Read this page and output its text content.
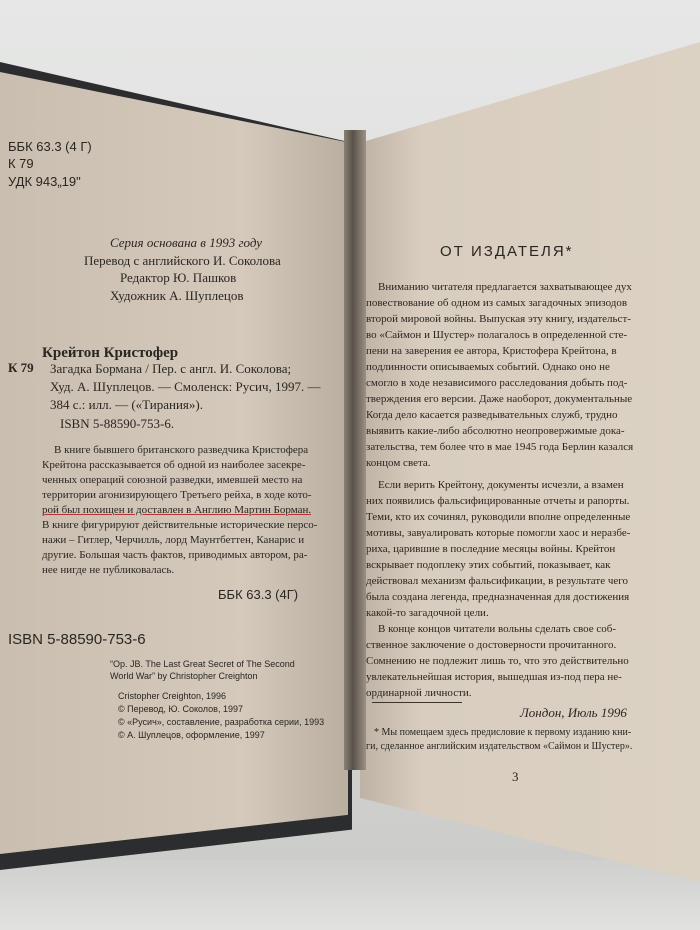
ББК 63.3 (4 Г)
К 79
УДК 943„19"
Серия основана в 1993 году
Перевод с английского И. Соколова
Редактор Ю. Пашков
Художник А. Шуплецов
Крейтон Кристофер
К 79 Загадка Бормана / Пер. с англ. И. Соколова;
Худ. А. Шуплецов. — Смоленск: Русич, 1997. —
384 с.: илл. — («Тирания»).
ISBN 5-88590-753-6.
В книге бывшего британского разведчика Кристофера
Крейтона рассказывается об одной из наиболее засекре-
ченных операций союзной разведки, имевшей место на
территории агонизирующего Третьего рейха, в ходе кото-
рой был похищен и доставлен в Англию Мартин Борман.
В книге фигурируют действительные исторические персо-
нажи – Гитлер, Черчилль, лорд Маунтбеттен, Канарис и
другие. Большая часть фактов, приводимых автором, ра-
нее нигде не публиковалась.
ББК 63.3 (4Г)
ISBN 5-88590-753-6
“Op. JB. The Last Great Secret of The Second
World War” by Christopher Creighton
Cristopher Creighton, 1996
© Перевод, Ю. Соколов, 1997
© «Русич», составление, разработка серии, 1993
© А. Шуплецов, оформление, 1997
ОТ ИЗДАТЕЛЯ*
Вниманию читателя предлагается захватывающее дух
повествование об одном из самых загадочных эпизодов
второй мировой войны. Выпуская эту книгу, издательст-
во «Саймон и Шустер» полагалось в определенной сте-
пени на заверения ее автора, Кристофера Крейтона, в
подлинности описываемых событий. Однако оно не
смогло в ходе независимого расследования добыть под-
тверждения его версии. Даже наоборот, документальные
Когда дело касается разведывательных служб, трудно
выявить какие-либо абсолютно неопровержимые дока-
зательства, тем более что в мае 1945 года Берлин казался
концом света.
Если верить Крейтону, документы исчезли, а взамен
них появились фальсифицированные отчеты и рапорты.
Теми, кто их сочинял, руководили вполне определенные
мотивы, завуалировать которые помогли хаос и неразбе-
риха, царившие в последние месяцы войны. Крейтон
вскрывает подоплеку этих событий, показывает, как
действовал механизм фальсификации, в результате чего
была создана легенда, предназначенная для достижения
какой-то загадочной цели.
В конце концов читатели вольны сделать свое соб-
ственное заключение о достоверности прочитанного.
Сомнению не подлежит лишь то, что это действительно
увлекательнейшая история, вышедшая из-под пера не-
ординарной личности.
Лондон, Июль 1996
* Мы помещаем здесь предисловие к первому изданию кни-
ги, сделанное английским издательством «Саймон и Шустер».
3
